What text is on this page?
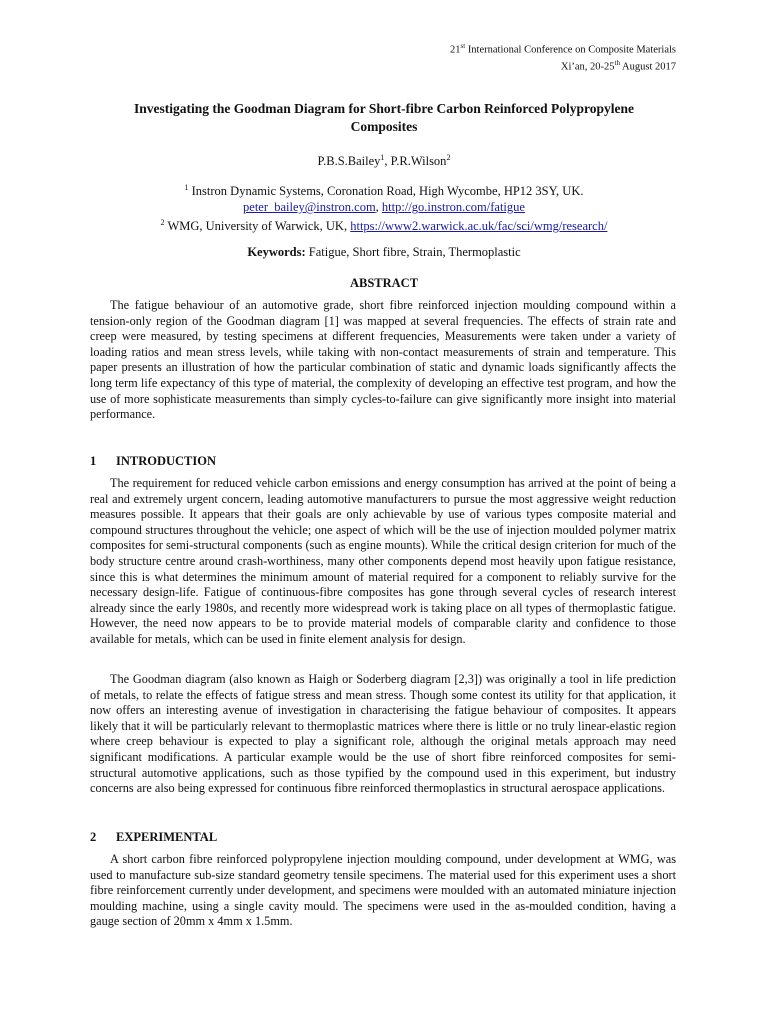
21st International Conference on Composite Materials
Xi’an, 20-25th August 2017
Investigating the Goodman Diagram for Short-fibre Carbon Reinforced Polypropylene
Composites
P.B.S.Bailey$^1$, P.R.Wilson$^2$
$^1$ Instron Dynamic Systems, Coronation Road, High Wycombe, HP12 3SY, UK.
peter_bailey@instron.com, http://go.instron.com/fatigue
$^2$ WMG, University of Warwick, UK, https://www2.warwick.ac.uk/fac/sci/wmg/research/
Keywords: Fatigue, Short fibre, Strain, Thermoplastic
ABSTRACT
The fatigue behaviour of an automotive grade, short fibre reinforced injection moulding compound within a tension-only region of the Goodman diagram [1] was mapped at several frequencies. The effects of strain rate and creep were measured, by testing specimens at different frequencies, Measurements were taken under a variety of loading ratios and mean stress levels, while taking with non-contact measurements of strain and temperature. This paper presents an illustration of how the particular combination of static and dynamic loads significantly affects the long term life expectancy of this type of material, the complexity of developing an effective test program, and how the use of more sophisticate measurements than simply cycles-to-failure can give significantly more insight into material performance.
1 INTRODUCTION
The requirement for reduced vehicle carbon emissions and energy consumption has arrived at the point of being a real and extremely urgent concern, leading automotive manufacturers to pursue the most aggressive weight reduction measures possible. It appears that their goals are only achievable by use of various types composite material and compound structures throughout the vehicle; one aspect of which will be the use of injection moulded polymer matrix composites for semi-structural components (such as engine mounts). While the critical design criterion for much of the body structure centre around crash-worthiness, many other components depend most heavily upon fatigue resistance, since this is what determines the minimum amount of material required for a component to reliably survive for the necessary design-life. Fatigue of continuous-fibre composites has gone through several cycles of research interest already since the early 1980s, and recently more widespread work is taking place on all types of thermoplastic fatigue. However, the need now appears to be to provide material models of comparable clarity and confidence to those available for metals, which can be used in finite element analysis for design.
The Goodman diagram (also known as Haigh or Soderberg diagram [2,3]) was originally a tool in life prediction of metals, to relate the effects of fatigue stress and mean stress. Though some contest its utility for that application, it now offers an interesting avenue of investigation in characterising the fatigue behaviour of composites. It appears likely that it will be particularly relevant to thermoplastic matrices where there is little or no truly linear-elastic region where creep behaviour is expected to play a significant role, although the original metals approach may need significant modifications. A particular example would be the use of short fibre reinforced composites for semi-structural automotive applications, such as those typified by the compound used in this experiment, but industry concerns are also being expressed for continuous fibre reinforced thermoplastics in structural aerospace applications.
2 EXPERIMENTAL
A short carbon fibre reinforced polypropylene injection moulding compound, under development at WMG, was used to manufacture sub-size standard geometry tensile specimens. The material used for this experiment uses a short fibre reinforcement currently under development, and specimens were moulded with an automated miniature injection moulding machine, using a single cavity mould. The specimens were used in the as-moulded condition, having a gauge section of 20mm x 4mm x 1.5mm.
